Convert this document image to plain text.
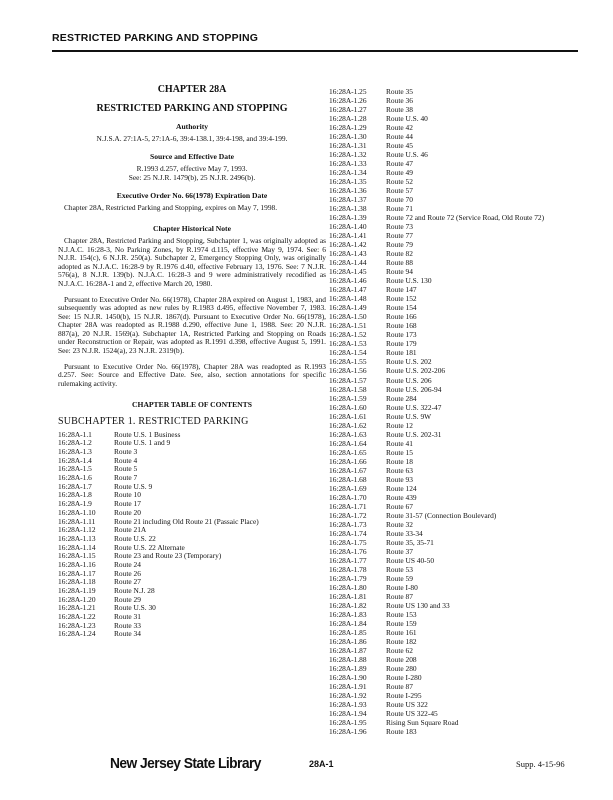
RESTRICTED PARKING AND STOPPING
CHAPTER 28A
RESTRICTED PARKING AND STOPPING
Authority
N.J.S.A. 27:1A-5, 27:1A-6, 39:4-138.1, 39:4-198, and 39:4-199.
Source and Effective Date
R.1993 d.257, effective May 7, 1993.
See: 25 N.J.R. 1479(b), 25 N.J.R. 2496(b).
Executive Order No. 66(1978) Expiration Date
Chapter 28A, Restricted Parking and Stopping, expires on May 7, 1998.
Chapter Historical Note
Chapter 28A, Restricted Parking and Stopping, Subchapter 1, was originally adopted as N.J.A.C. 16:28-3, No Parking Zones, by R.1974 d.115, effective May 9, 1974. See: 6 N.J.R. 154(c), 6 N.J.R. 250(a). Subchapter 2, Emergency Stopping Only, was originally adopted as N.J.A.C. 16:28-9 by R.1976 d.40, effective February 13, 1976. See: 7 N.J.R. 576(a), 8 N.J.R. 139(b). N.J.A.C. 16:28-3 and 9 were administratively recodified as N.J.A.C. 16:28A-1 and 2, effective March 20, 1980.
Pursuant to Executive Order No. 66(1978), Chapter 28A expired on August 1, 1983, and subsequently was adopted as new rules by R.1983 d.495, effective November 7, 1983. See: 15 N.J.R. 1450(b), 15 N.J.R. 1867(d). Pursuant to Executive Order No. 66(1978), Chapter 28A was readopted as R.1988 d.290, effective June 1, 1988. See: 20 N.J.R. 887(a), 20 N.J.R. 1569(a). Subchapter 1A, Restricted Parking and Stopping on Roads under Reconstruction or Repair, was adopted as R.1991 d.398, effective August 5, 1991. See: 23 N.J.R. 1524(a), 23 N.J.R. 2319(b).
Pursuant to Executive Order No. 66(1978), Chapter 28A was readopted as R.1993 d.257. See: Source and Effective Date. See, also, section annotations for specific rulemaking activity.
CHAPTER TABLE OF CONTENTS
SUBCHAPTER 1. RESTRICTED PARKING
16:28A-1.1	Route U.S. 1 Business
16:28A-1.2	Route U.S. 1 and 9
16:28A-1.3	Route 3
16:28A-1.4	Route 4
16:28A-1.5	Route 5
16:28A-1.6	Route 7
16:28A-1.7	Route U.S. 9
16:28A-1.8	Route 10
16:28A-1.9	Route 17
16:28A-1.10	Route 20
16:28A-1.11	Route 21 including Old Route 21 (Passaic Place)
16:28A-1.12	Route 21A
16:28A-1.13	Route U.S. 22
16:28A-1.14	Route U.S. 22 Alternate
16:28A-1.15	Route 23 and Route 23 (Temporary)
16:28A-1.16	Route 24
16:28A-1.17	Route 26
16:28A-1.18	Route 27
16:28A-1.19	Route N.J. 28
16:28A-1.20	Route 29
16:28A-1.21	Route U.S. 30
16:28A-1.22	Route 31
16:28A-1.23	Route 33
16:28A-1.24	Route 34
16:28A-1.25	Route 35
16:28A-1.26	Route 36
16:28A-1.27	Route 38
16:28A-1.28	Route U.S. 40
16:28A-1.29	Route 42
16:28A-1.30	Route 44
16:28A-1.31	Route 45
16:28A-1.32	Route U.S. 46
16:28A-1.33	Route 47
16:28A-1.34	Route 49
16:28A-1.35	Route 52
16:28A-1.36	Route 57
16:28A-1.37	Route 70
16:28A-1.38	Route 71
16:28A-1.39	Route 72 and Route 72 (Service Road, Old Route 72)
16:28A-1.40	Route 73
16:28A-1.41	Route 77
16:28A-1.42	Route 79
16:28A-1.43	Route 82
16:28A-1.44	Route 88
16:28A-1.45	Route 94
16:28A-1.46	Route U.S. 130
16:28A-1.47	Route 147
16:28A-1.48	Route 152
16:28A-1.49	Route 154
16:28A-1.50	Route 166
16:28A-1.51	Route 168
16:28A-1.52	Route 173
16:28A-1.53	Route 179
16:28A-1.54	Route 181
16:28A-1.55	Route U.S. 202
16:28A-1.56	Route U.S. 202-206
16:28A-1.57	Route U.S. 206
16:28A-1.58	Route U.S. 206-94
16:28A-1.59	Route 284
16:28A-1.60	Route U.S. 322-47
16:28A-1.61	Route U.S. 9W
16:28A-1.62	Route 12
16:28A-1.63	Route U.S. 202-31
16:28A-1.64	Route 41
16:28A-1.65	Route 15
16:28A-1.66	Route 18
16:28A-1.67	Route 63
16:28A-1.68	Route 93
16:28A-1.69	Route 124
16:28A-1.70	Route 439
16:28A-1.71	Route 67
16:28A-1.72	Route 31-57 (Connection Boulevard)
16:28A-1.73	Route 32
16:28A-1.74	Route 33-34
16:28A-1.75	Route 35, 35-71
16:28A-1.76	Route 37
16:28A-1.77	Route US 40-50
16:28A-1.78	Route 53
16:28A-1.79	Route 59
16:28A-1.80	Route I-80
16:28A-1.81	Route 87
16:28A-1.82	Route US 130 and 33
16:28A-1.83	Route 153
16:28A-1.84	Route 159
16:28A-1.85	Route 161
16:28A-1.86	Route 182
16:28A-1.87	Route 62
16:28A-1.88	Route 208
16:28A-1.89	Route 280
16:28A-1.90	Route I-280
16:28A-1.91	Route 87
16:28A-1.92	Route I-295
16:28A-1.93	Route US 322
16:28A-1.94	Route US 322-45
16:28A-1.95	Rising Sun Square Road
16:28A-1.96	Route 183
New Jersey State Library	28A-1	Supp. 4-15-96
